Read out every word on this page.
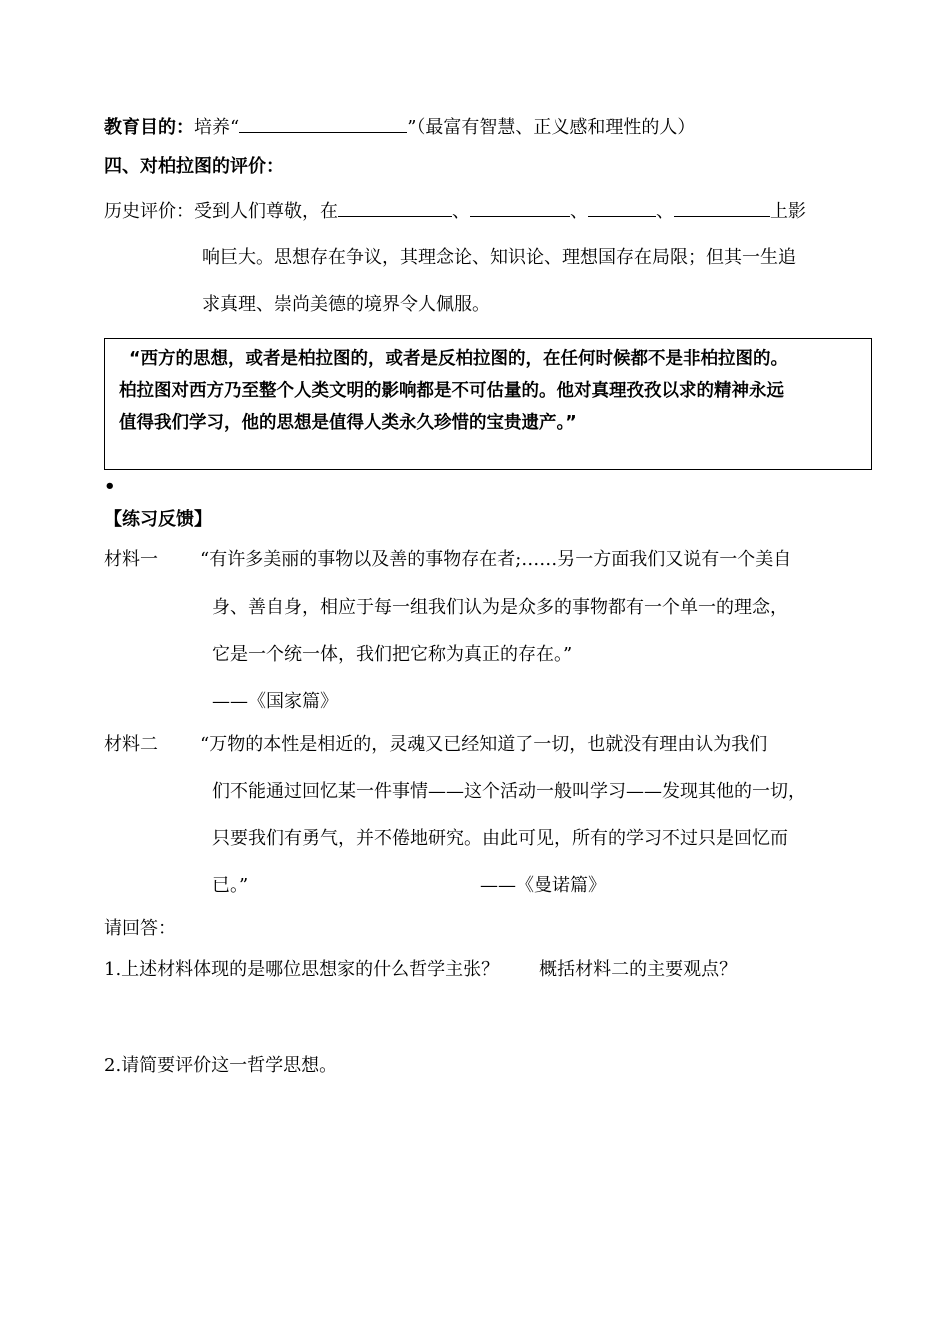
教育目的：培养“	”（最富有智慧、正义感和理性的人）
四、对柏拉图的评价：
历史评价：受到人们尊敬，在	、	、	、	上影
响巨大。思想存在争议，其理念论、知识论、理想国存在局限；但其一生追
求真理、崇尚美德的境界令人佩服。
“西方的思想，或者是柏拉图的，或者是反柏拉图的，在任何时候都不是非柏拉图的。
柏拉图对西方乃至整个人类文明的影响都是不可估量的。他对真理孜孜以求的精神永远
值得我们学习，他的思想是值得人类永久珍惜的宝贵遗产。”
•
【练习反馈】
材料一 “有许多美丽的事物以及善的事物存在者;……另一方面我们又说有一个美自
身、善自身，相应于每一组我们认为是众多的事物都有一个单一的理念，
它是一个统一体，我们把它称为真正的存在。”
——《国家篇》
材料二 “万物的本性是相近的，灵魂又已经知道了一切，也就没有理由认为我们
们不能通过回忆某一件事情——这个活动一般叫学习——发现其他的一切，
只要我们有勇气，并不倦地研究。由此可见，所有的学习不过只是回忆而
已。”	——《曼诺篇》
请回答：
1.上述材料体现的是哪位思想家的什么哲学主张？ 概括材料二的主要观点？
2.请简要评价这一哲学思想。
